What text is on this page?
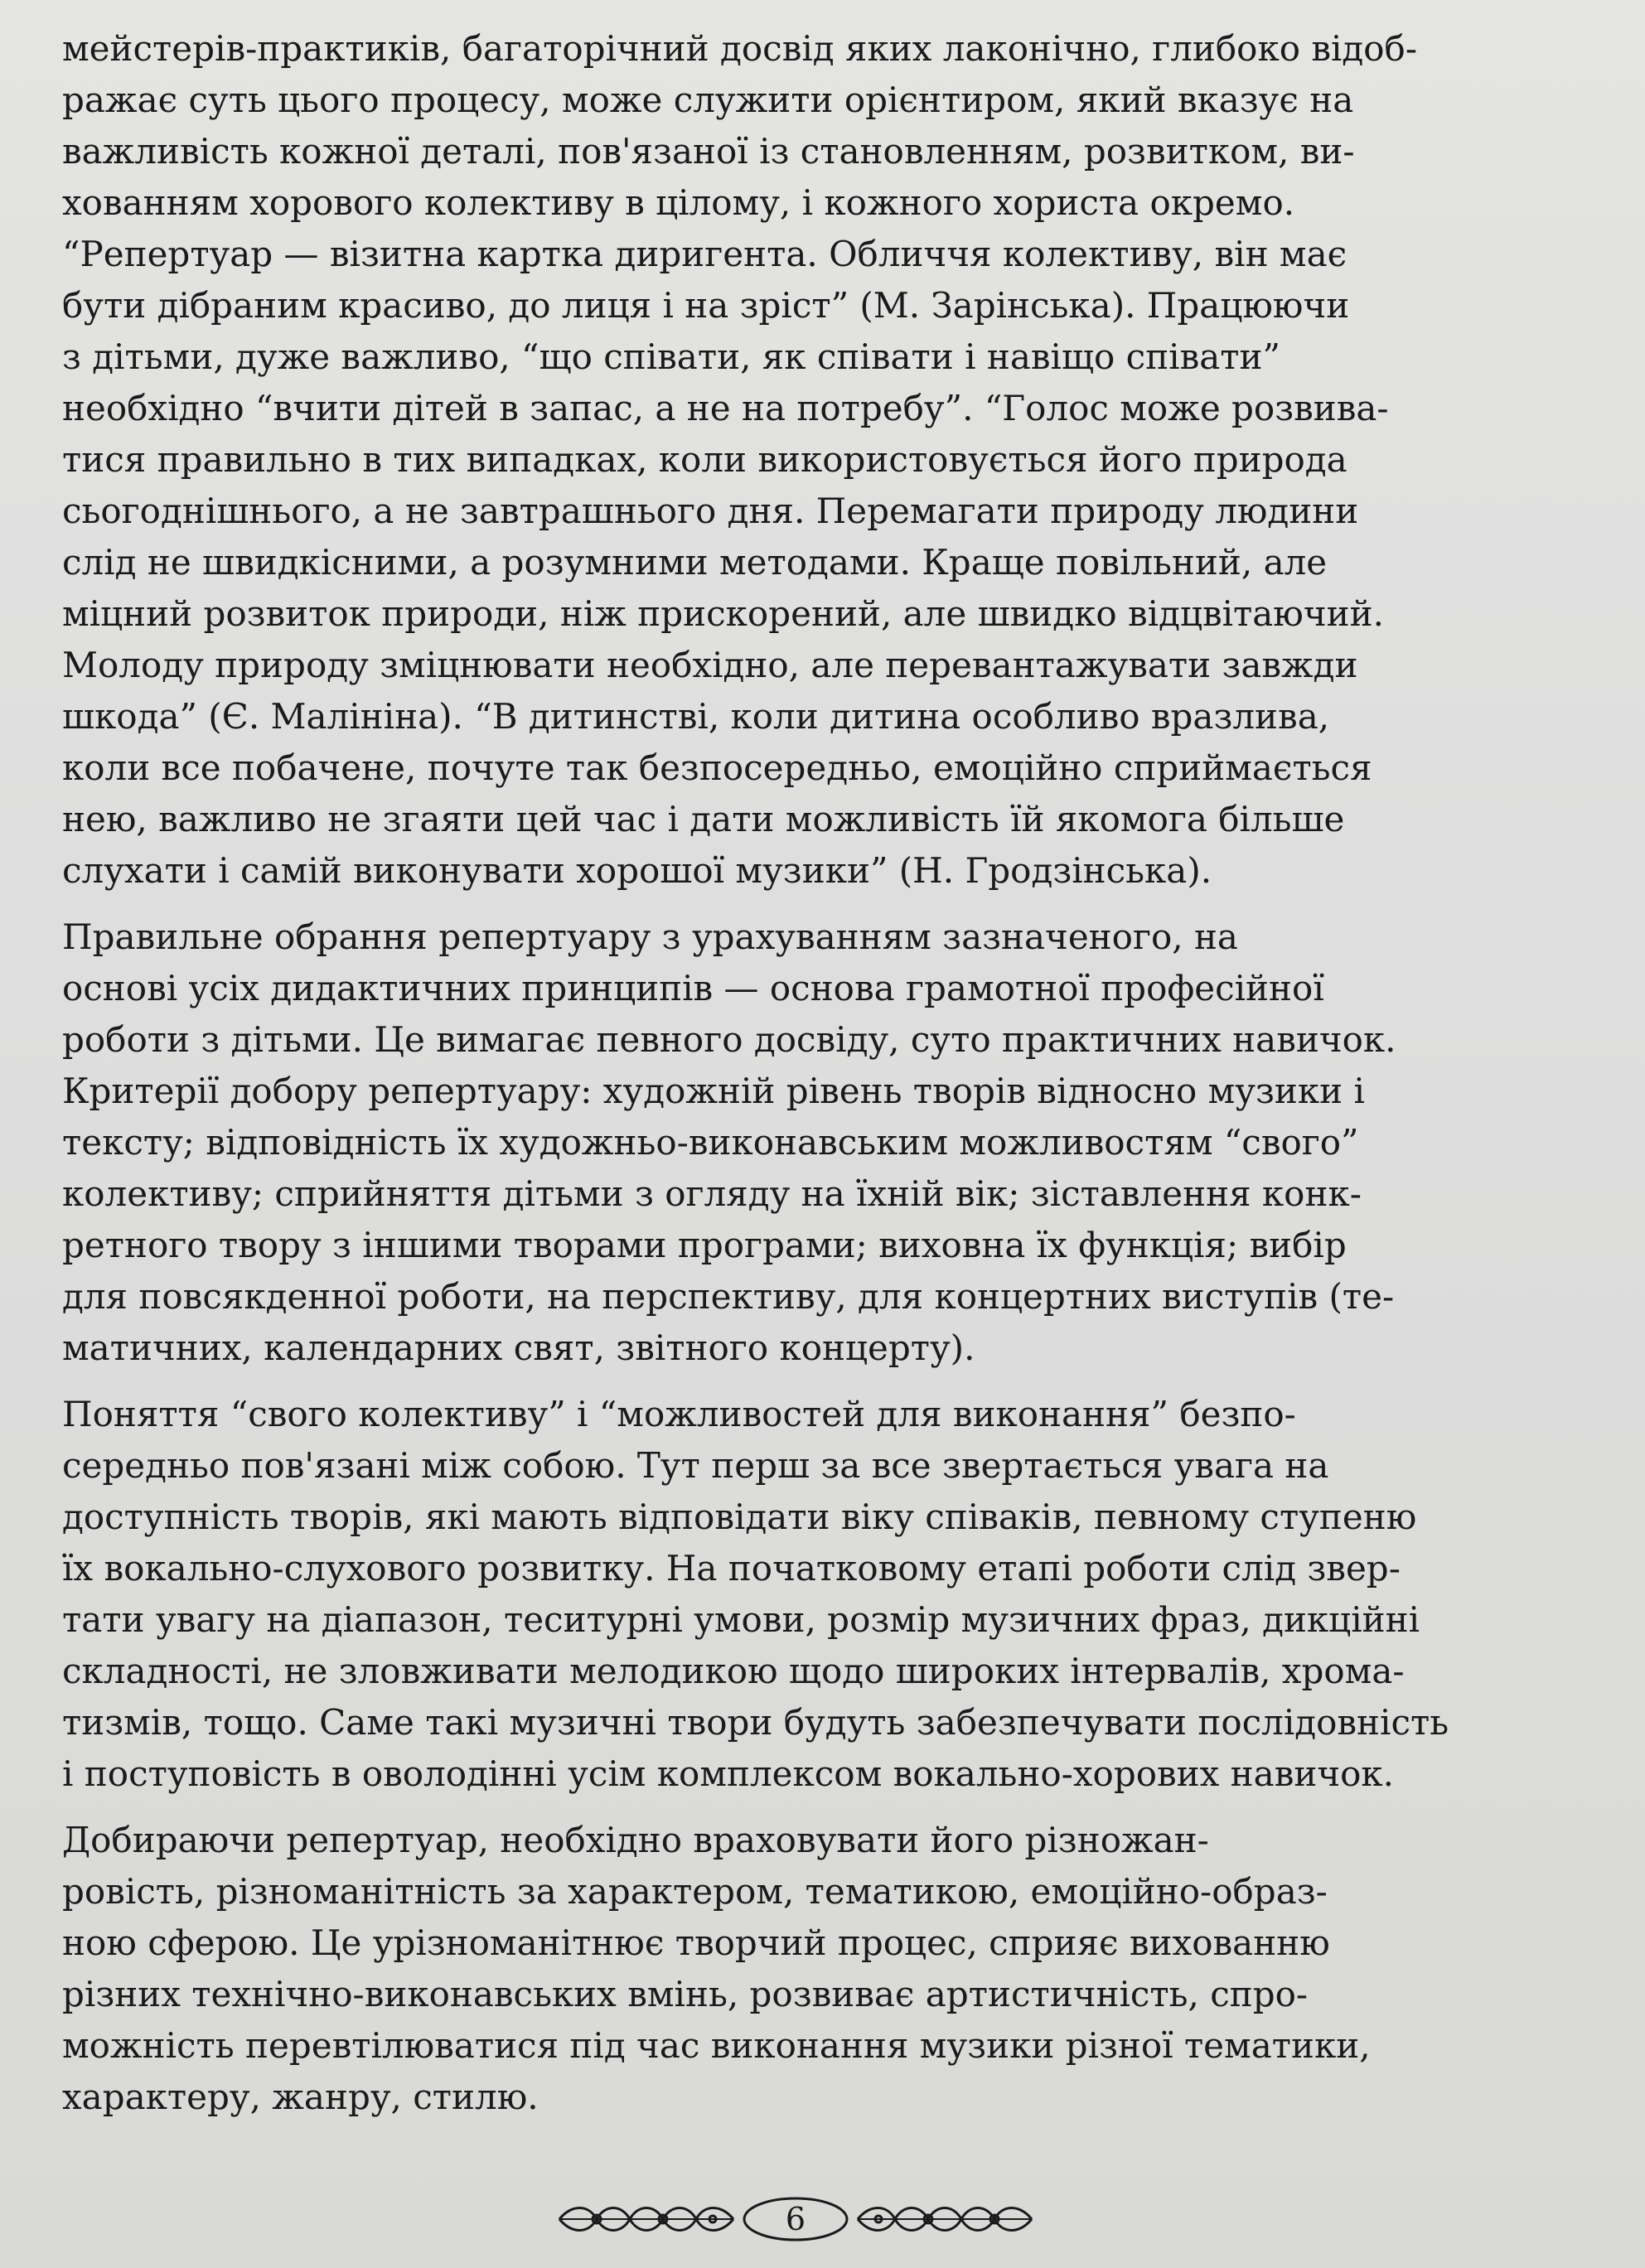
мейстерів-практиків, багаторічний досвід яких лаконічно, глибоко відоб-
ражає суть цього процесу, може служити орієнтиром, який вказує на
важливість кожної деталі, пов'язаної із становленням, розвитком, ви-
хованням хорового колективу в цілому, і кожного хориста окремо.
“Репертуар — візитна картка диригента. Обличчя колективу, він має
бути дібраним красиво, до лиця і на зріст” (М. Зарінська). Працюючи
з дітьми, дуже важливо, “що співати, як співати і навіщо співати”
необхідно “вчити дітей в запас, а не на потребу”. “Голос може розвива-
тися правильно в тих випадках, коли використовується його природа
сьогоднішнього, а не завтрашнього дня. Перемагати природу людини
слід не швидкісними, а розумними методами. Краще повільний, але
міцний розвиток природи, ніж прискорений, але швидко відцвітаючий.
Молоду природу зміцнювати необхідно, але перевантажувати завжди
шкода” (Є. Малініна). “В дитинстві, коли дитина особливо вразлива,
коли все побачене, почуте так безпосередньо, емоційно сприймається
нею, важливо не згаяти цей час і дати можливість їй якомога більше
слухати і самій виконувати хорошої музики” (Н. Гродзінська).

Правильне обрання репертуару з урахуванням зазначеного, на
основі усіх дидактичних принципів — основа грамотної професійної
роботи з дітьми. Це вимагає певного досвіду, суто практичних навичок.
Критерії добору репертуару: художній рівень творів відносно музики і
тексту; відповідність їх художньо-виконавським можливостям “свого”
колективу; сприйняття дітьми з огляду на їхній вік; зіставлення конк-
ретного твору з іншими творами програми; виховна їх функція; вибір
для повсякденної роботи, на перспективу, для концертних виступів (те-
матичних, календарних свят, звітного концерту).

Поняття “свого колективу” і “можливостей для виконання” безпо-
середньо пов'язані між собою. Тут перш за все звертається увага на
доступність творів, які мають відповідати віку співаків, певному ступеню
їх вокально-слухового розвитку. На початковому етапі роботи слід звер-
тати увагу на діапазон, теситурні умови, розмір музичних фраз, дикційні
складності, не зловживати мелодикою щодо широких інтервалів, хрома-
тизмів, тощо. Саме такі музичні твори будуть забезпечувати послідовність
і поступовість в оволодінні усім комплексом вокально-хорових навичок.

Добираючи репертуар, необхідно враховувати його різножан-
ровість, різноманітність за характером, тематикою, емоційно-образ-
ною сферою. Це урізноманітнює творчий процес, сприяє вихованню
різних технічно-виконавських вмінь, розвиває артистичність, спро-
можність перевтілюватися під час виконання музики різної тематики,
характеру, жанру, стилю.

6
